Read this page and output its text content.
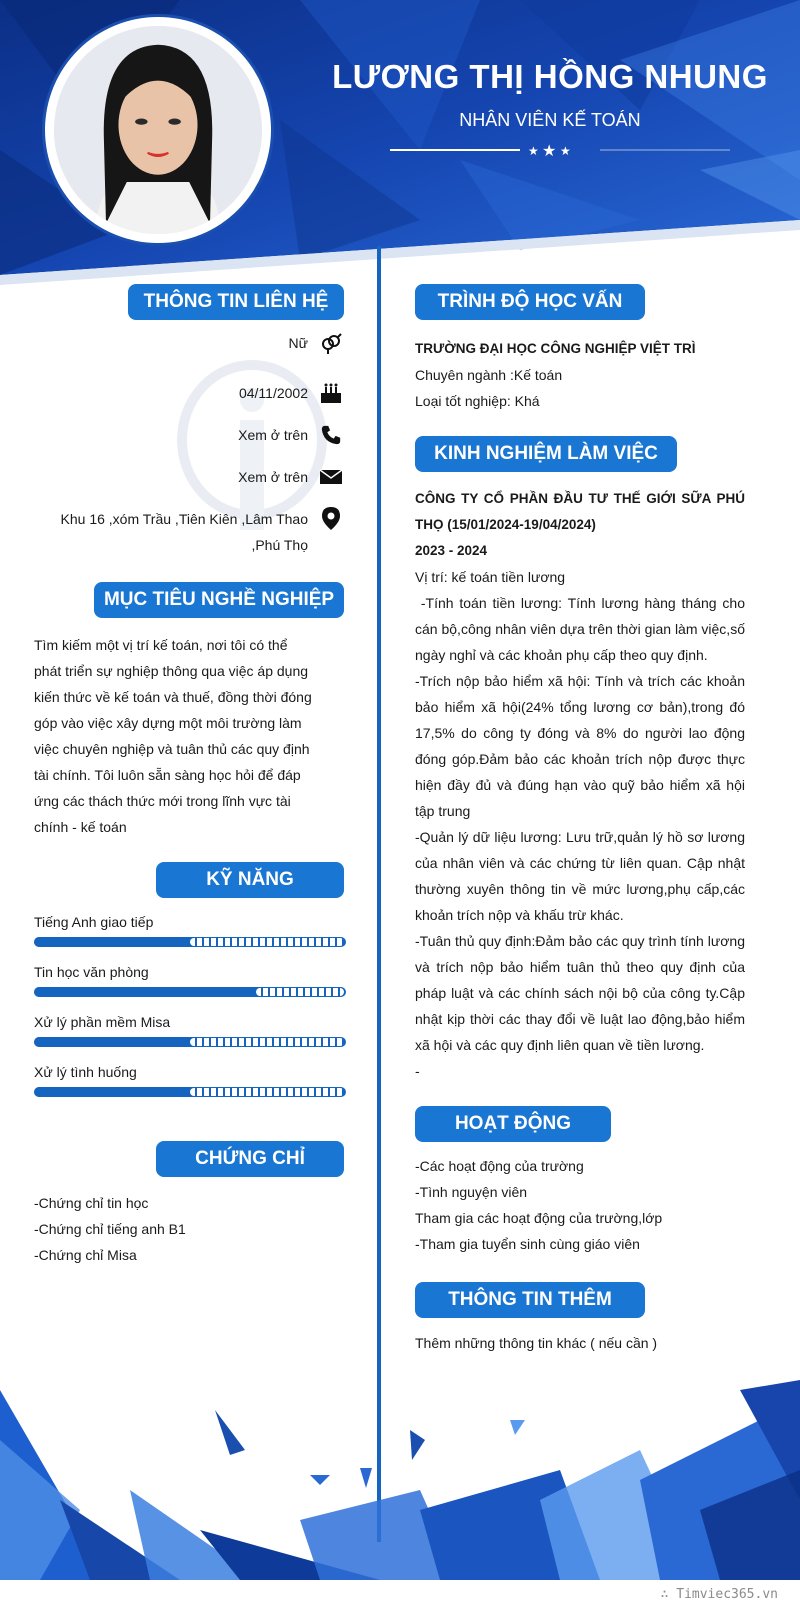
LƯƠNG THỊ HỒNG NHUNG
NHÂN VIÊN KẾ TOÁN
★ ★ ★
THÔNG TIN LIÊN HỆ
Nữ
04/11/2002
Xem ở trên
Xem ở trên
Khu 16 ,xóm Trầu ,Tiên Kiên ,Lâm Thao ,Phú Thọ
MỤC TIÊU NGHỀ NGHIỆP
Tìm kiếm một vị trí kế toán, nơi tôi có thể phát triển sự nghiệp thông qua việc áp dụng kiến thức về kế toán và thuế, đồng thời đóng góp vào việc xây dựng một môi trường làm việc chuyên nghiệp và tuân thủ các quy định tài chính. Tôi luôn sẵn sàng học hỏi để đáp ứng các thách thức mới trong lĩnh vực tài chính - kế toán
KỸ NĂNG
Tiếng Anh giao tiếp
Tin học văn phòng
Xử lý phần mềm Misa
Xử lý tình huống
CHỨNG CHỈ
-Chứng chỉ tin học
-Chứng chỉ tiếng anh B1
-Chứng chỉ Misa
TRÌNH ĐỘ HỌC VẤN
TRƯỜNG ĐẠI HỌC CÔNG NGHIỆP VIỆT TRÌ
Chuyên ngành :Kế toán
Loại tốt nghiệp: Khá
KINH NGHIỆM LÀM VIỆC
CÔNG TY CỔ PHẦN ĐẦU TƯ THẾ GIỚI SỮA PHÚ THỌ (15/01/2024-19/04/2024)
2023 - 2024
Vị trí: kế toán tiền lương
-Tính toán tiền lương: Tính lương hàng tháng cho cán bộ,công nhân viên dựa trên thời gian làm việc,số ngày nghỉ và các khoản phụ cấp theo quy định.
-Trích nộp bảo hiểm xã hội: Tính và trích các khoản bảo hiểm xã hội(24% tổng lương cơ bản),trong đó 17,5% do công ty đóng và 8% do người lao động đóng góp.Đảm bảo các khoản trích nộp được thực hiện đầy đủ và đúng hạn vào quỹ bảo hiểm xã hội tập trung
-Quản lý dữ liệu lương: Lưu trữ,quản lý hồ sơ lương của nhân viên và các chứng từ liên quan. Cập nhật thường xuyên thông tin về mức lương,phụ cấp,các khoản trích nộp và khấu trừ khác.
-Tuân thủ quy định:Đảm bảo các quy trình tính lương và trích nộp bảo hiểm tuân thủ theo quy định của pháp luật và các chính sách nội bộ của công ty.Cập nhật kịp thời các thay đổi về luật lao động,bảo hiểm xã hội và các quy định liên quan về tiền lương.
-
HOẠT ĐỘNG
-Các hoạt động của trường
-Tình nguyện viên
Tham gia các hoạt động của trường,lớp
-Tham gia tuyển sinh cùng giáo viên
THÔNG TIN THÊM
Thêm những thông tin khác ( nếu cần )
∴ Timviec365.vn
